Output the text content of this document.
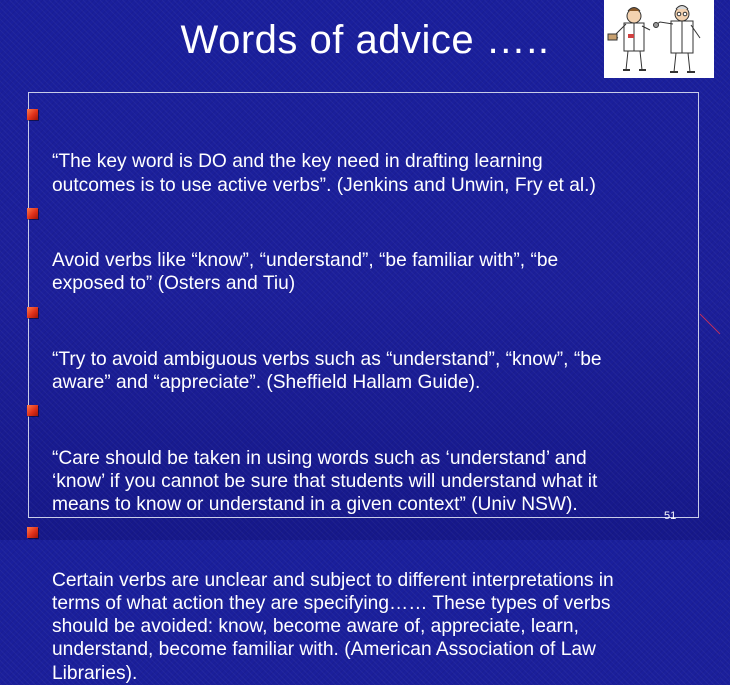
Words of advice …..

“The key word is DO and the key need in drafting learning
outcomes is to use active verbs”. (Jenkins and Unwin, Fry et al.)

Avoid verbs like “know”, “understand”, “be familiar with”, “be
exposed to” (Osters and Tiu)

“Try to avoid ambiguous verbs such as “understand”, “know”, “be
aware” and “appreciate”. (Sheffield Hallam Guide).

“Care should be taken in using words such as ‘understand’ and
‘know’ if you cannot be sure that students will understand what it
means to know or understand in a given context” (Univ NSW).

Certain verbs are unclear and subject to different interpretations in
terms of what action they are specifying…… These types of verbs
should be avoided: know, become aware of, appreciate, learn,
understand, become familiar with. (American Association of Law
Libraries).

51
